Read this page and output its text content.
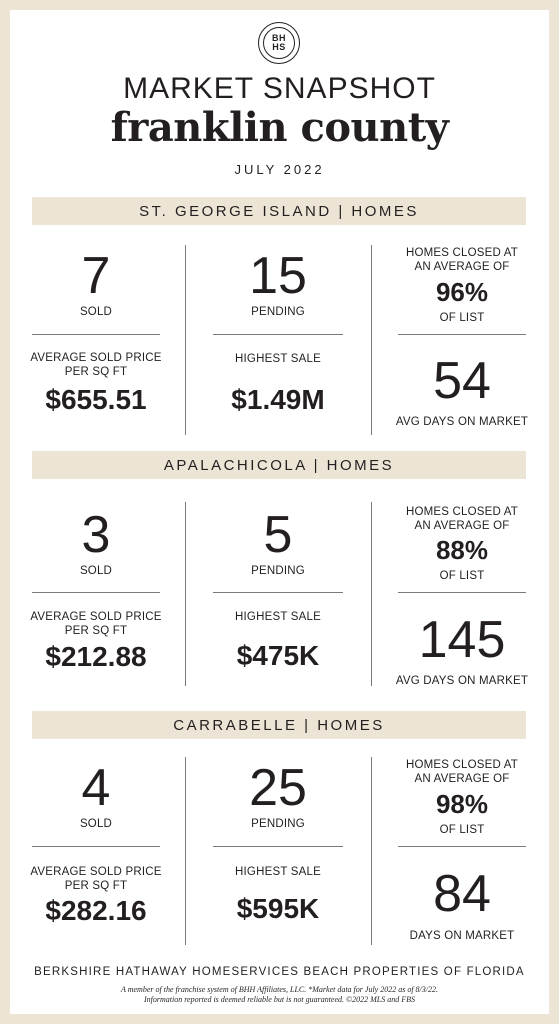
BH
HS
MARKET SNAPSHOT
franklin county
JULY 2022
ST. GEORGE ISLAND | HOMES
7
SOLD
15
PENDING
HOMES CLOSED AT
AN AVERAGE OF
96%
OF LIST
AVERAGE SOLD PRICE
PER SQ FT
$655.51
HIGHEST SALE
$1.49M	54
AVG DAYS ON MARKET
APALACHICOLA | HOMES
3
SOLD
5
PENDING
HOMES CLOSED AT
AN AVERAGE OF
88%
OF LIST
AVERAGE SOLD PRICE
PER SQ FT
$212.88
HIGHEST SALE
$475K	145
AVG DAYS ON MARKET
CARRABELLE | HOMES
4
SOLD
25
PENDING
HOMES CLOSED AT
AN AVERAGE OF
98%
OF LIST
AVERAGE SOLD PRICE
PER SQ FT
$282.16
HIGHEST SALE
$595K	84
DAYS ON MARKET
BERKSHIRE HATHAWAY HOMESERVICES BEACH PROPERTIES OF FLORIDA
A member of the franchise system of BHH Affiliates, LLC. *Market data for July 2022 as of 8/3/22.
Information reported is deemed reliable but is not guaranteed. ©2022 MLS and FBS
